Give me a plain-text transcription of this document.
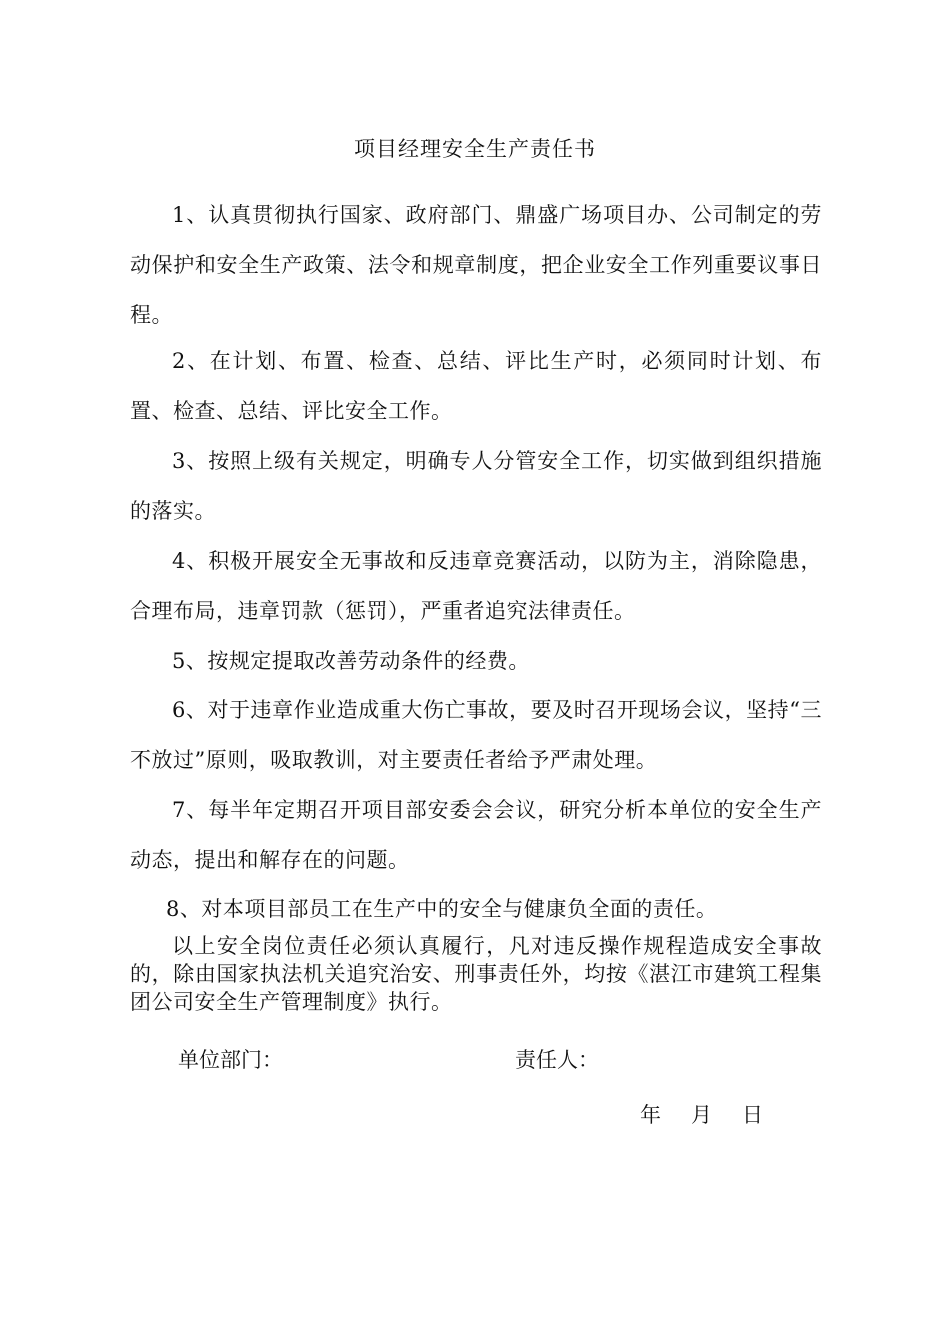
项目经理安全生产责任书

1、认真贯彻执行国家、政府部门、鼎盛广场项目办、公司制定的劳动保护和安全生产政策、法令和规章制度，把企业安全工作列重要议事日程。

2、在计划、布置、检查、总结、评比生产时，必须同时计划、布置、检查、总结、评比安全工作。

3、按照上级有关规定，明确专人分管安全工作，切实做到组织措施的落实。

4、积极开展安全无事故和反违章竞赛活动，以防为主，消除隐患，合理布局，违章罚款（惩罚），严重者追究法律责任。

5、按规定提取改善劳动条件的经费。

6、对于违章作业造成重大伤亡事故，要及时召开现场会议，坚持“三不放过”原则，吸取教训，对主要责任者给予严肃处理。

7、每半年定期召开项目部安委会会议，研究分析本单位的安全生产动态，提出和解存在的问题。

8、对本项目部员工在生产中的安全与健康负全面的责任。

以上安全岗位责任必须认真履行，凡对违反操作规程造成安全事故的，除由国家执法机关追究治安、刑事责任外，均按《湛江市建筑工程集团公司安全生产管理制度》执行。

单位部门：	责任人：
年 月 日
